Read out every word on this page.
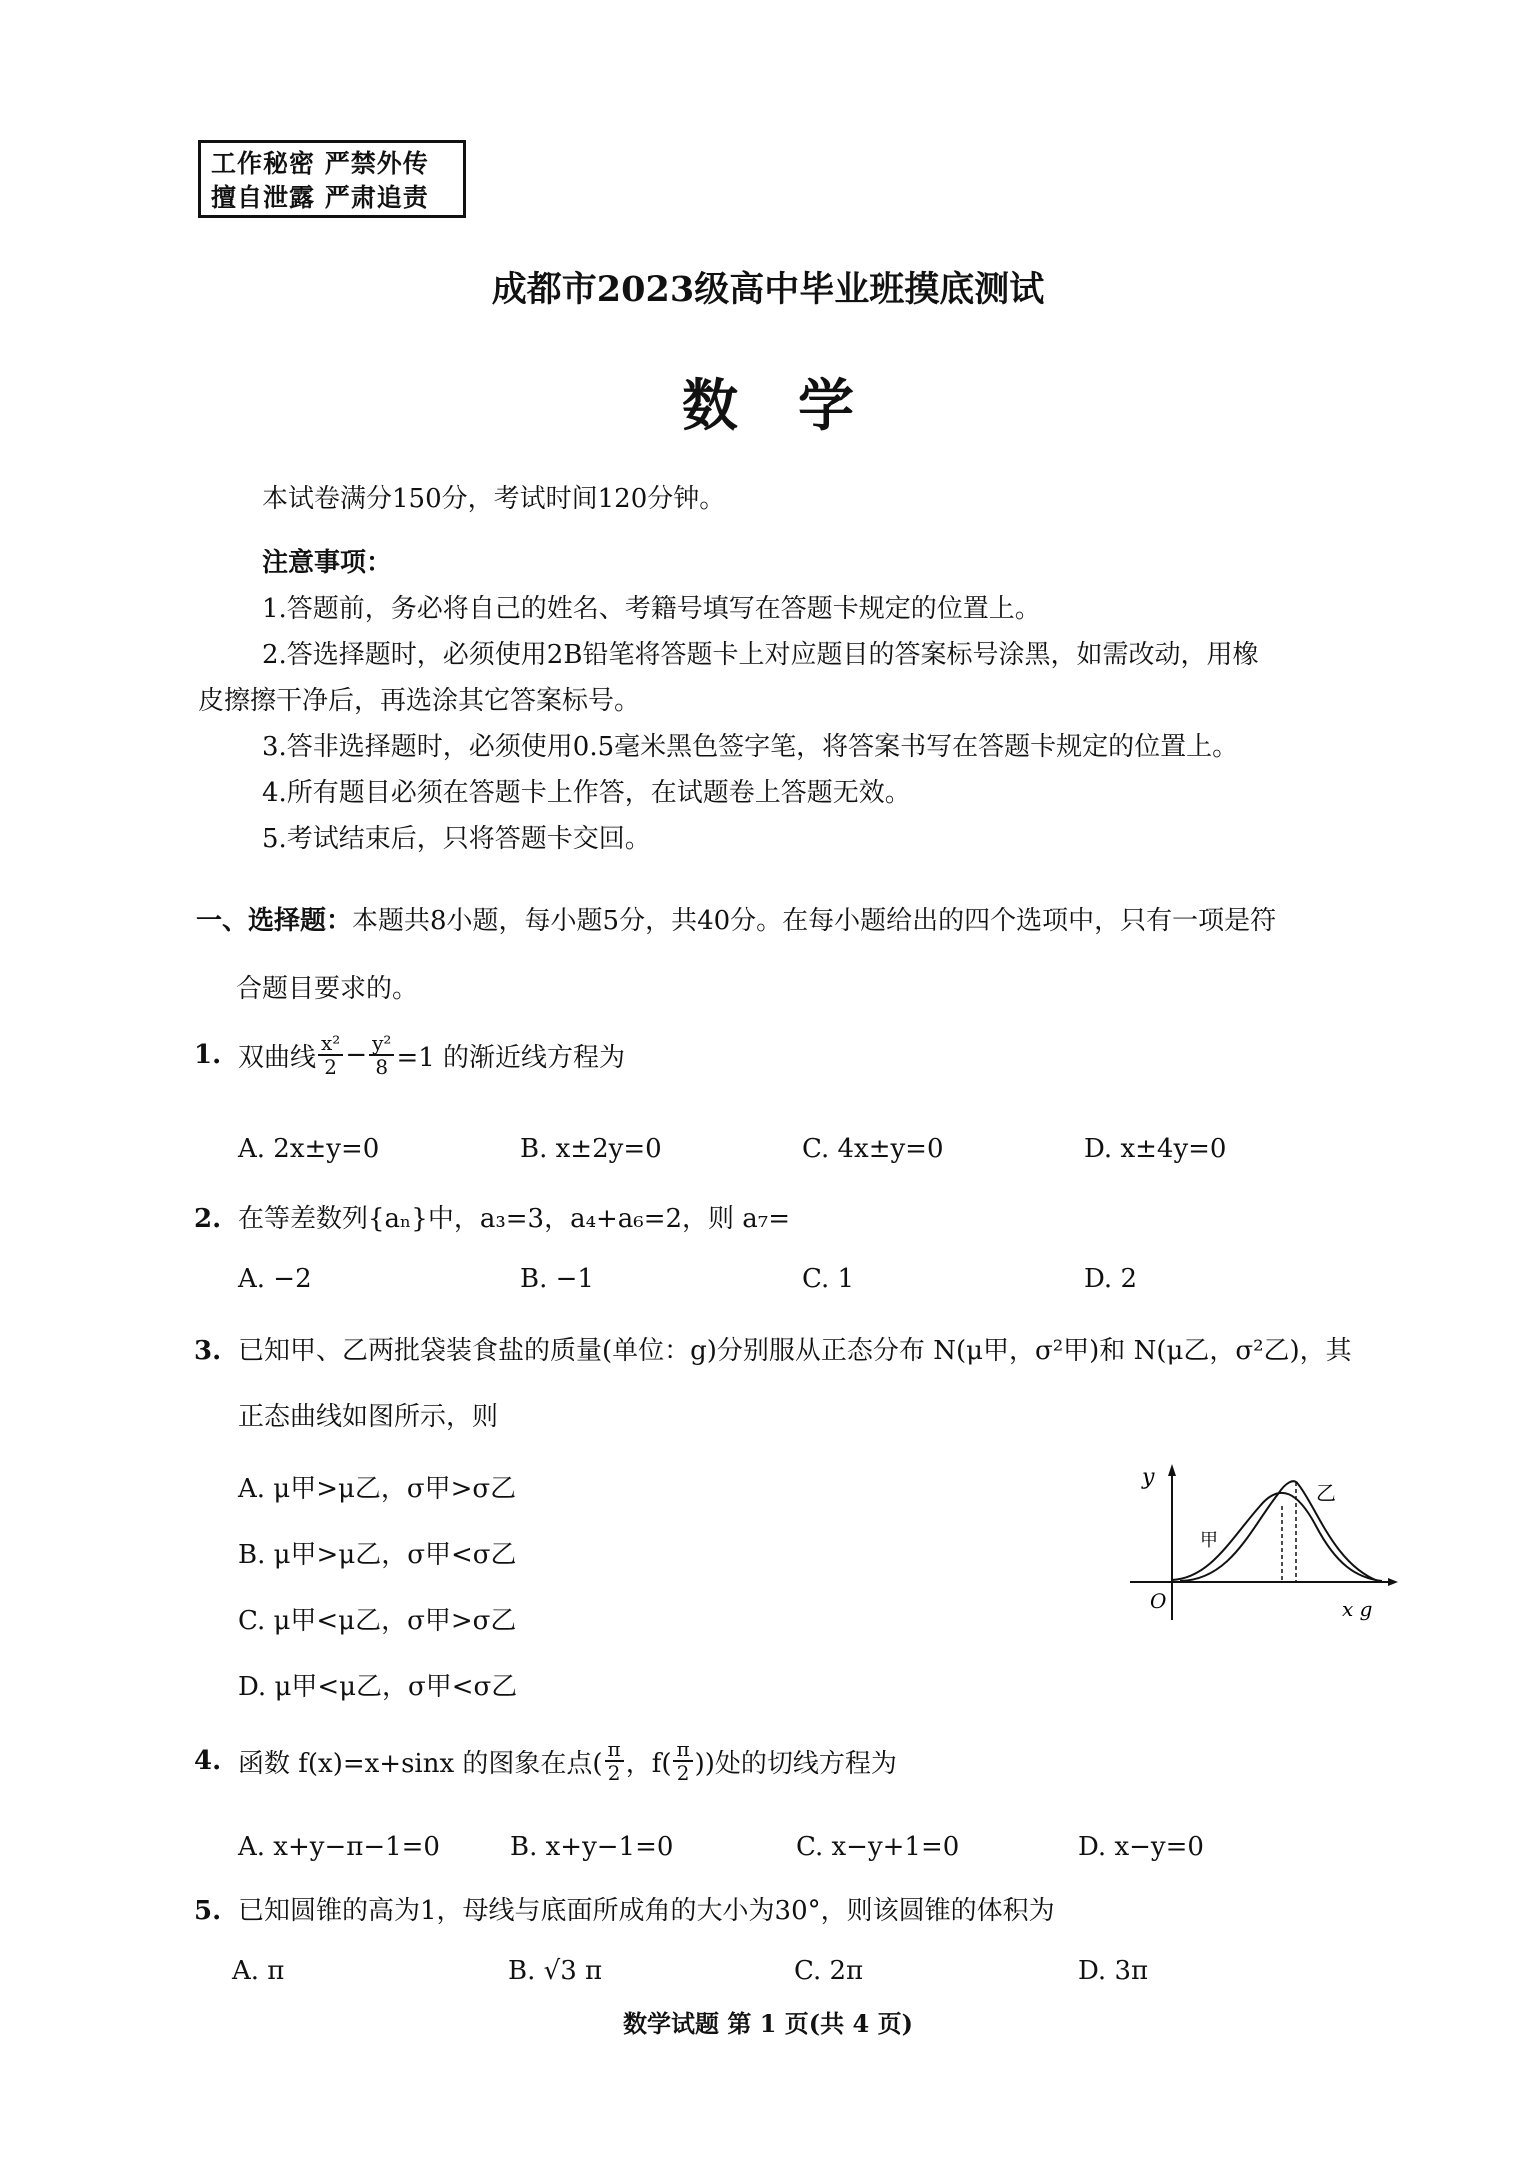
工作秘密 严禁外传
擅自泄露 严肃追责
成都市2023级高中毕业班摸底测试
数学
本试卷满分150分，考试时间120分钟。
注意事项：
1.答题前，务必将自己的姓名、考籍号填写在答题卡规定的位置上。
2.答选择题时，必须使用2B铅笔将答题卡上对应题目的答案标号涂黑，如需改动，用橡
皮擦擦干净后，再选涂其它答案标号。
3.答非选择题时，必须使用0.5毫米黑色签字笔，将答案书写在答题卡规定的位置上。
4.所有题目必须在答题卡上作答，在试题卷上答题无效。
5.考试结束后，只将答题卡交回。
一、选择题：本题共8小题，每小题5分，共40分。在每小题给出的四个选项中，只有一项是符
合题目要求的。
1. 双曲线 $\frac{\text{x²}}{2} - \frac{\text{y²}}{8} =1$ 的渐近线方程为
A. 2x±y=0	B. x±2y=0	C. 4x±y=0	D. x±4y=0
2. 在等差数列{aₙ}中，a₃=3，a₄+a₆=2，则 a₇=
A. −2	B. −1	C. 1	D. 2
3. 已知甲、乙两批袋装食盐的质量(单位：g)分别服从正态分布 N(μ甲，σ²甲)和 N(μ乙，σ²乙)，其
正态曲线如图所示，则
A. μ甲>μ乙，σ甲>σ乙
B. μ甲>μ乙，σ甲<σ乙
C. μ甲<μ乙，σ甲>σ乙
D. μ甲<μ乙，σ甲<σ乙
y
O	x g
甲
乙
4. 函数 f(x)=x+sinx 的图象在点( $\frac{\pi}{2}$ ，$f( \frac{\pi}{2}$ ))处的切线方程为
A. x+y−π−1=0	B. x+y−1=0	C. x−y+1=0	D. x−y=0
5. 已知圆锥的高为1，母线与底面所成角的大小为30°，则该圆锥的体积为
A. π	B. √3 π	C. 2π	D. 3π
数学试题 第 1 页(共 4 页)
